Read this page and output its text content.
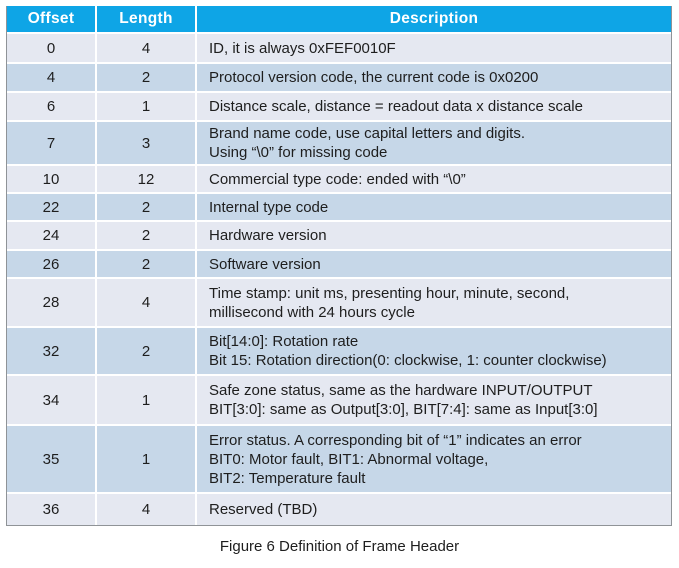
Offset	Length	Description
0	4	ID, it is always 0xFEF0010F

4	2	Protocol version code, the current code is 0x0200

6	1	Distance scale, distance = readout data x distance scale

7	3	Brand name code, use capital letters and digits.
Using “\0” for missing code

10	12	Commercial type code: ended with “\0”

22	2	Internal type code

24	2	Hardware version

26	2	Software version

28	4	Time stamp: unit ms, presenting hour, minute, second,
millisecond with 24 hours cycle

32	2	Bit[14:0]: Rotation rate
Bit 15: Rotation direction(0: clockwise, 1: counter clockwise)

34	1	Safe zone status, same as the hardware INPUT/OUTPUT
BIT[3:0]: same as Output[3:0], BIT[7:4]: same as Input[3:0]

35	1	Error status. A corresponding bit of “1” indicates an error
BIT0: Motor fault, BIT1: Abnormal voltage,
BIT2: Temperature fault

36	4	Reserved (TBD)
Figure 6 Definition of Frame Header
